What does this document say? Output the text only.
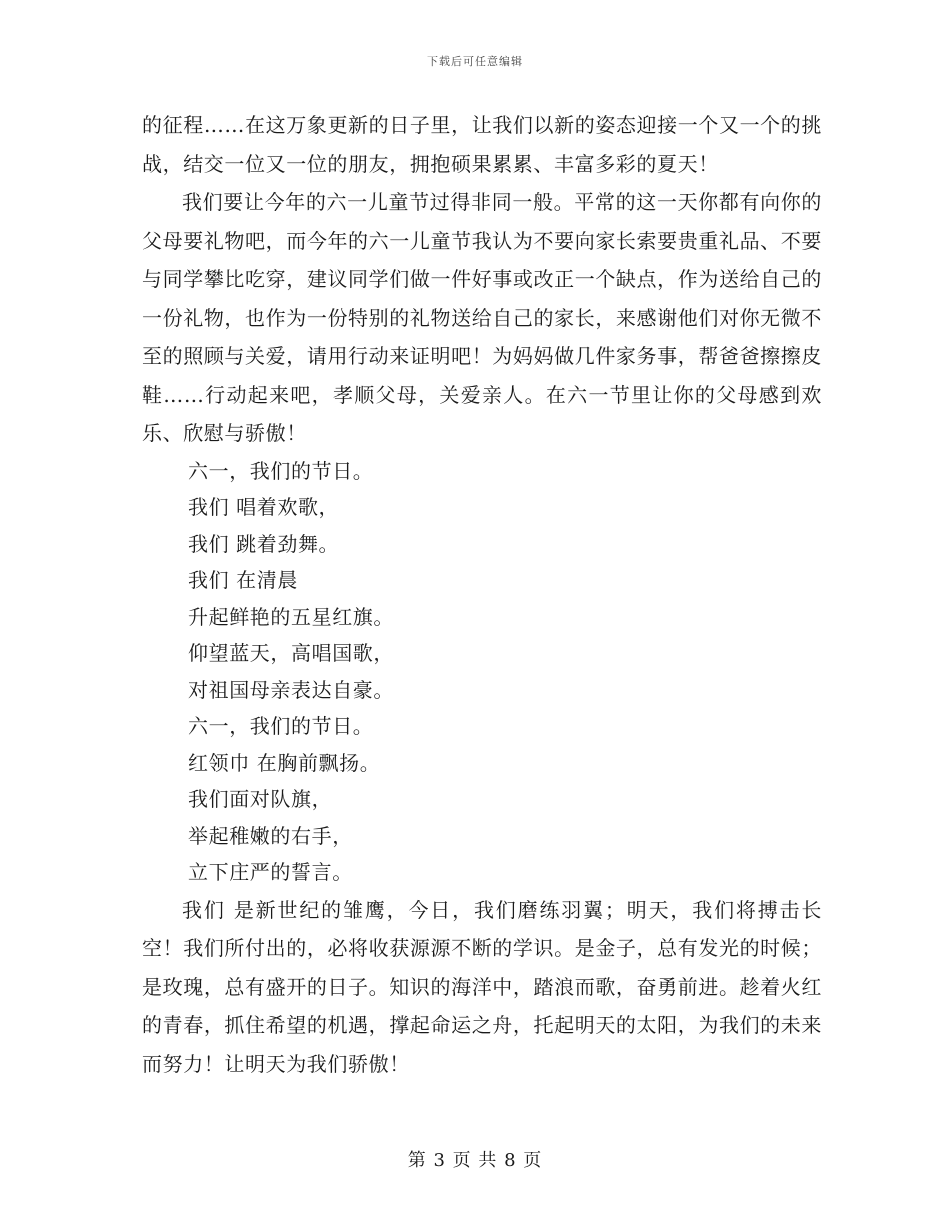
下载后可任意编辑

的征程……在这万象更新的日子里，让我们以新的姿态迎接一个又一个的挑战，结交一位又一位的朋友，拥抱硕果累累、丰富多彩的夏天！

我们要让今年的六一儿童节过得非同一般。平常的这一天你都有向你的父母要礼物吧，而今年的六一儿童节我认为不要向家长索要贵重礼品、不要与同学攀比吃穿，建议同学们做一件好事或改正一个缺点，作为送给自己的一份礼物，也作为一份特别的礼物送给自己的家长，来感谢他们对你无微不至的照顾与关爱，请用行动来证明吧！为妈妈做几件家务事，帮爸爸擦擦皮鞋……行动起来吧，孝顺父母，关爱亲人。在六一节里让你的父母感到欢乐、欣慰与骄傲！

六一，我们的节日。

我们 唱着欢歌，

我们 跳着劲舞。

我们 在清晨

升起鲜艳的五星红旗。

仰望蓝天，高唱国歌，

对祖国母亲表达自豪。

六一，我们的节日。

红领巾 在胸前飘扬。

我们面对队旗，

举起稚嫩的右手，

立下庄严的誓言。

我们 是新世纪的雏鹰，今日，我们磨练羽翼；明天，我们将搏击长空！我们所付出的，必将收获源源不断的学识。是金子，总有发光的时候；是玫瑰，总有盛开的日子。知识的海洋中，踏浪而歌，奋勇前进。趁着火红的青春，抓住希望的机遇，撑起命运之舟，托起明天的太阳，为我们的未来而努力！让明天为我们骄傲！

第 3 页 共 8 页
